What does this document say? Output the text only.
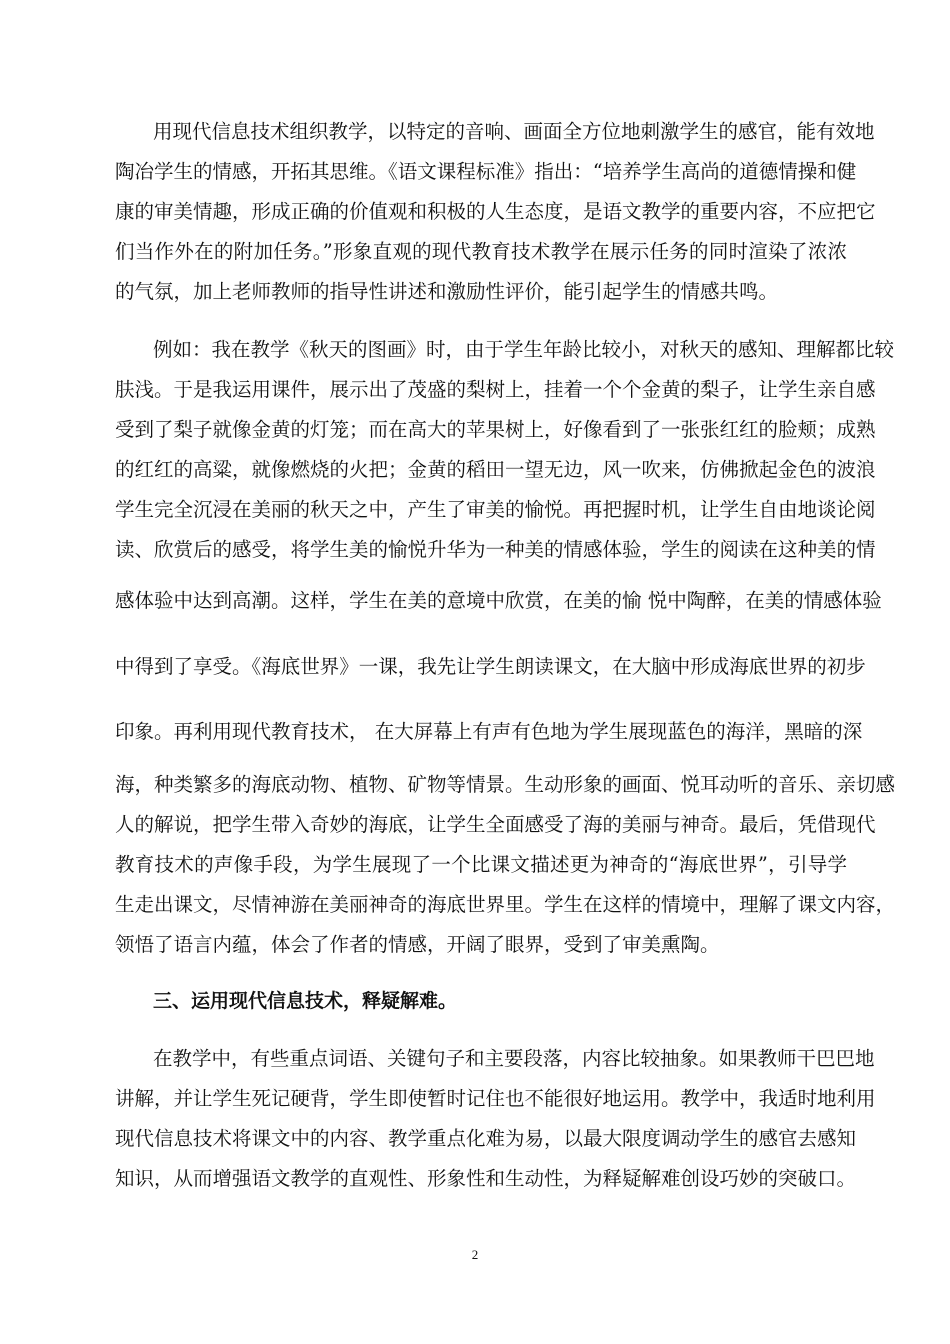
用现代信息技术组织教学，以特定的音响、画面全方位地刺激学生的感官，能有效地
陶冶学生的情感，开拓其思维。《语文课程标准》指出：“培养学生高尚的道德情操和健
康的审美情趣，形成正确的价值观和积极的人生态度，是语文教学的重要内容，不应把它
们当作外在的附加任务。”形象直观的现代教育技术教学在展示任务的同时渲染了浓浓
的气氛，加上老师教师的指导性讲述和激励性评价，能引起学生的情感共鸣。
例如：我在教学《秋天的图画》时，由于学生年龄比较小，对秋天的感知、理解都比较
肤浅。于是我运用课件，展示出了茂盛的梨树上，挂着一个个金黄的梨子，让学生亲自感
受到了梨子就像金黄的灯笼；而在高大的苹果树上，好像看到了一张张红红的脸颊；成熟
的红红的高粱，就像燃烧的火把；金黄的稻田一望无边，风一吹来，仿佛掀起金色的波浪
学生完全沉浸在美丽的秋天之中，产生了审美的愉悦。再把握时机，让学生自由地谈论阅
读、欣赏后的感受，将学生美的愉悦升华为一种美的情感体验，学生的阅读在这种美的情
感体验中达到高潮。这样，学生在美的意境中欣赏，在美的愉 悦中陶醉，在美的情感体验
中得到了享受。《海底世界》一课，我先让学生朗读课文，在大脑中形成海底世界的初步
印象。再利用现代教育技术， 在大屏幕上有声有色地为学生展现蓝色的海洋，黑暗的深
海，种类繁多的海底动物、植物、矿物等情景。生动形象的画面、悦耳动听的音乐、亲切感
人的解说，把学生带入奇妙的海底，让学生全面感受了海的美丽与神奇。最后，凭借现代
教育技术的声像手段，为学生展现了一个比课文描述更为神奇的“海底世界”，引导学
生走出课文，尽情神游在美丽神奇的海底世界里。学生在这样的情境中，理解了课文内容，
领悟了语言内蕴，体会了作者的情感，开阔了眼界，受到了审美熏陶。
三、运用现代信息技术，释疑解难。
在教学中，有些重点词语、关键句子和主要段落，内容比较抽象。如果教师干巴巴地
讲解，并让学生死记硬背，学生即使暂时记住也不能很好地运用。教学中，我适时地利用
现代信息技术将课文中的内容、教学重点化难为易，以最大限度调动学生的感官去感知
知识，从而增强语文教学的直观性、形象性和生动性，为释疑解难创设巧妙的突破口。
2
